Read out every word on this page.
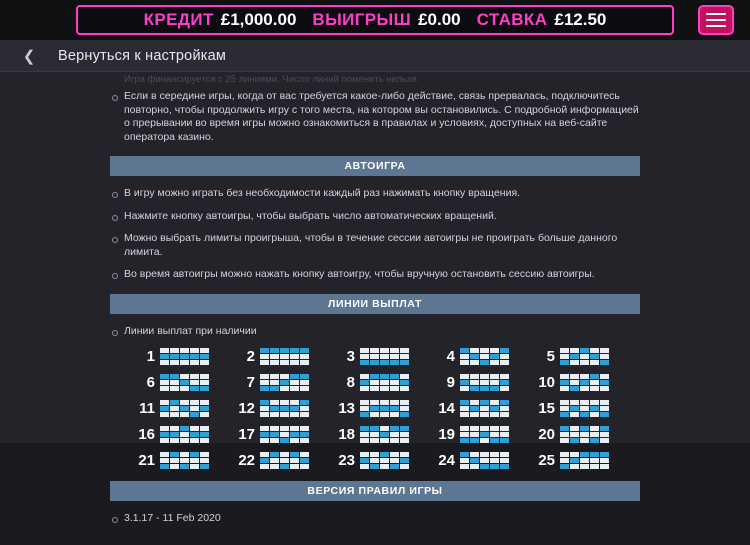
КРЕДИТ £1,000.00 ВЫИГРЫШ £0.00 СТАВКА £12.50
❮	Вернуться к настройкам
Игра финансируется с 25 линиями. Число линий поменять нельзя.
Если в середине игры, когда от вас требуется какое-либо действие, связь прервалась, подключитесь повторно, чтобы продолжить игру с того места, на котором вы остановились. С подробной информацией о прерывании во время игры можно ознакомиться в правилах и условиях, доступных на веб-сайте оператора казино.
АВТОИГРА
В игру можно играть без необходимости каждый раз нажимать кнопку вращения.
Нажмите кнопку автоигры, чтобы выбрать число автоматических вращений.
Можно выбрать лимиты проигрыша, чтобы в течение сессии автоигры не проиграть больше данного лимита.
Во время автоигры можно нажать кнопку автоигру, чтобы вручную остановить сессию автоигры.
ЛИНИИ ВЫПЛАТ
Линии выплат при наличии
1	2	3	4	5
6	7	8	9	10
11	12	13	14	15
16	17	18	19	20
21	22	23	24	25
ВЕРСИЯ ПРАВИЛ ИГРЫ
3.1.17 - 11 Feb 2020
